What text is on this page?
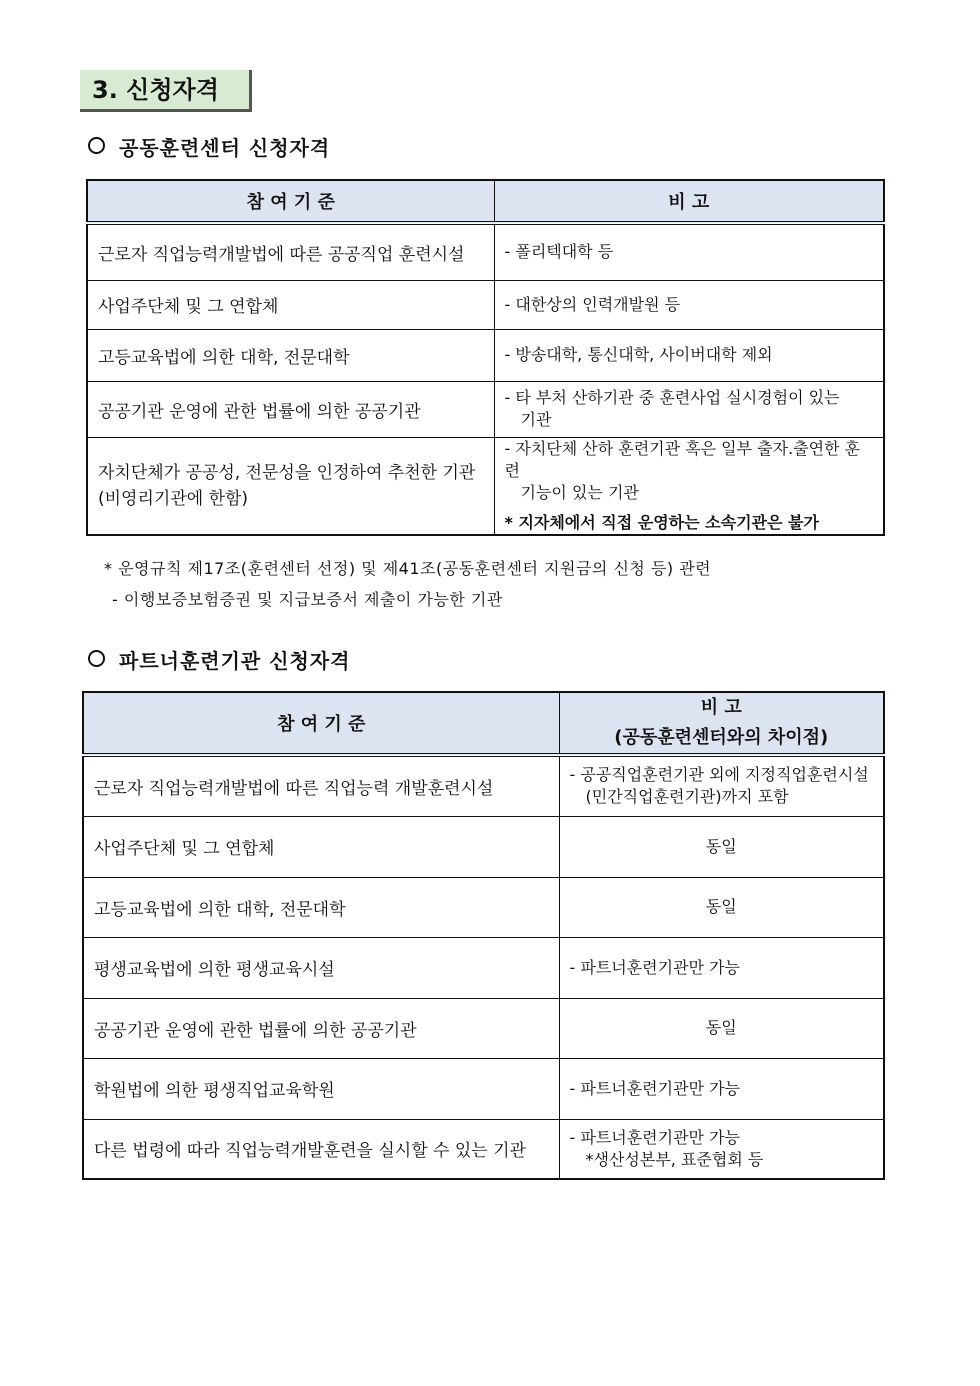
3. 신청자격
공동훈련센터 신청자격
참 여 기 준	비 고
근로자 직업능력개발법에 따른 공공직업 훈련시설	- 폴리텍대학 등
사업주단체 및 그 연합체	- 대한상의 인력개발원 등
고등교육법에 의한 대학, 전문대학	- 방송대학, 통신대학, 사이버대학 제외
공공기관 운영에 관한 법률에 의한 공공기관	- 타 부처 산하기관 중 훈련사업 실시경험이 있는
기관

자치단체가 공공성, 전문성을 인정하여 추천한 기관(비영리기관에 한함)	- 자치단체 산하 훈련기관 혹은 일부 출자.출연한 훈련
기능이 있는 기관
* 지자체에서 직접 운영하는 소속기관은 불가
* 운영규칙 제17조(훈련센터 선정) 및 제41조(공동훈련센터 지원금의 신청 등) 관련
- 이행보증보험증권 및 지급보증서 제출이 가능한 기관
파트너훈련기관 신청자격
참 여 기 준	비 고
(공동훈련센터와의 차이점)
근로자 직업능력개발법에 따른 직업능력 개발훈련시설	- 공공직업훈련기관 외에 지정직업훈련시설
(민간직업훈련기관)까지 포함

사업주단체 및 그 연합체	동일
고등교육법에 의한 대학, 전문대학	동일
평생교육법에 의한 평생교육시설	- 파트너훈련기관만 가능
공공기관 운영에 관한 법률에 의한 공공기관	동일
학원법에 의한 평생직업교육학원	- 파트너훈련기관만 가능
다른 법령에 따라 직업능력개발훈련을 실시할 수 있는 기관	- 파트너훈련기관만 가능
*생산성본부, 표준협회 등
